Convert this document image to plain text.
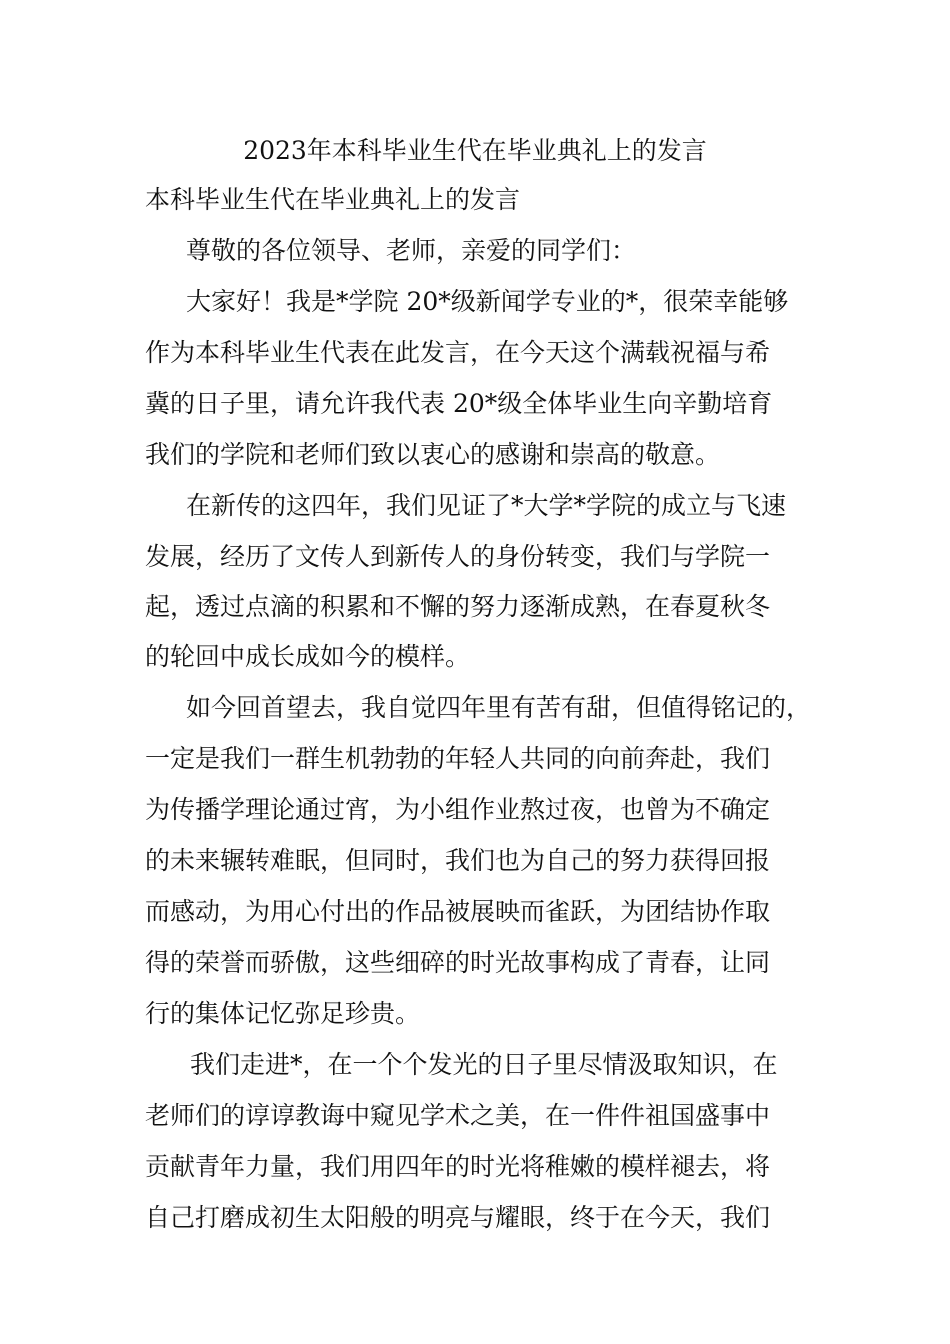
2023年本科毕业生代在毕业典礼上的发言
本科毕业生代在毕业典礼上的发言
尊敬的各位领导、老师，亲爱的同学们：
大家好！我是*学院 20*级新闻学专业的*，很荣幸能够
作为本科毕业生代表在此发言，在今天这个满载祝福与希
冀的日子里，请允许我代表 20*级全体毕业生向辛勤培育
我们的学院和老师们致以衷心的感谢和崇高的敬意。
在新传的这四年，我们见证了*大学*学院的成立与飞速
发展，经历了文传人到新传人的身份转变，我们与学院一
起，透过点滴的积累和不懈的努力逐渐成熟，在春夏秋冬
的轮回中成长成如今的模样。
如今回首望去，我自觉四年里有苦有甜，但值得铭记的，
一定是我们一群生机勃勃的年轻人共同的向前奔赴，我们
为传播学理论通过宵，为小组作业熬过夜，也曾为不确定
的未来辗转难眠，但同时，我们也为自己的努力获得回报
而感动，为用心付出的作品被展映而雀跃，为团结协作取
得的荣誉而骄傲，这些细碎的时光故事构成了青春，让同
行的集体记忆弥足珍贵。
我们走进*，在一个个发光的日子里尽情汲取知识，在
老师们的谆谆教诲中窥见学术之美，在一件件祖国盛事中
贡献青年力量，我们用四年的时光将稚嫩的模样褪去，将
自己打磨成初生太阳般的明亮与耀眼，终于在今天，我们
